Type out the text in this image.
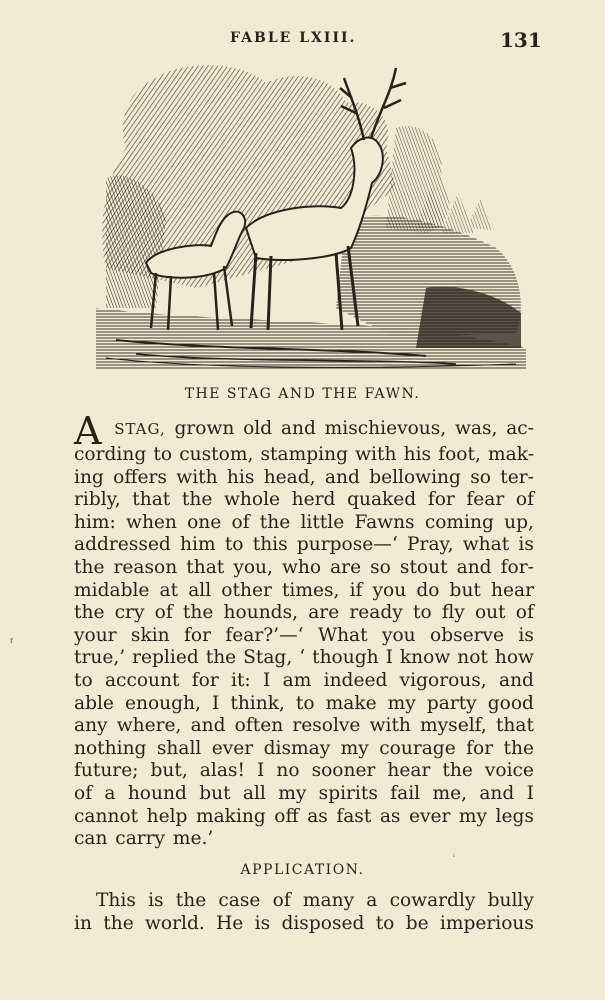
FABLE LXIII.	131
THE STAG AND THE FAWN.
A STAG, grown old and mischievous, was, ac-
cording to custom, stamping with his foot, mak-
ing offers with his head, and bellowing so ter-
ribly, that the whole herd quaked for fear of
him: when one of the little Fawns coming up,
addressed him to this purpose—‘ Pray, what is
the reason that you, who are so stout and for-
midable at all other times, if you do but hear
the cry of the hounds, are ready to fly out of
your skin for fear?’—‘ What you observe is
true,’ replied the Stag, ‘ though I know not how
to account for it: I am indeed vigorous, and
able enough, I think, to make my party good
any where, and often resolve with myself, that
nothing shall ever dismay my courage for the
future; but, alas! I no sooner hear the voice
of a hound but all my spirits fail me, and I
cannot help making off as fast as ever my legs
can carry me.’
ᶠ
ⁱ
APPLICATION.
This is the case of many a cowardly bully
in the world. He is disposed to be imperious
